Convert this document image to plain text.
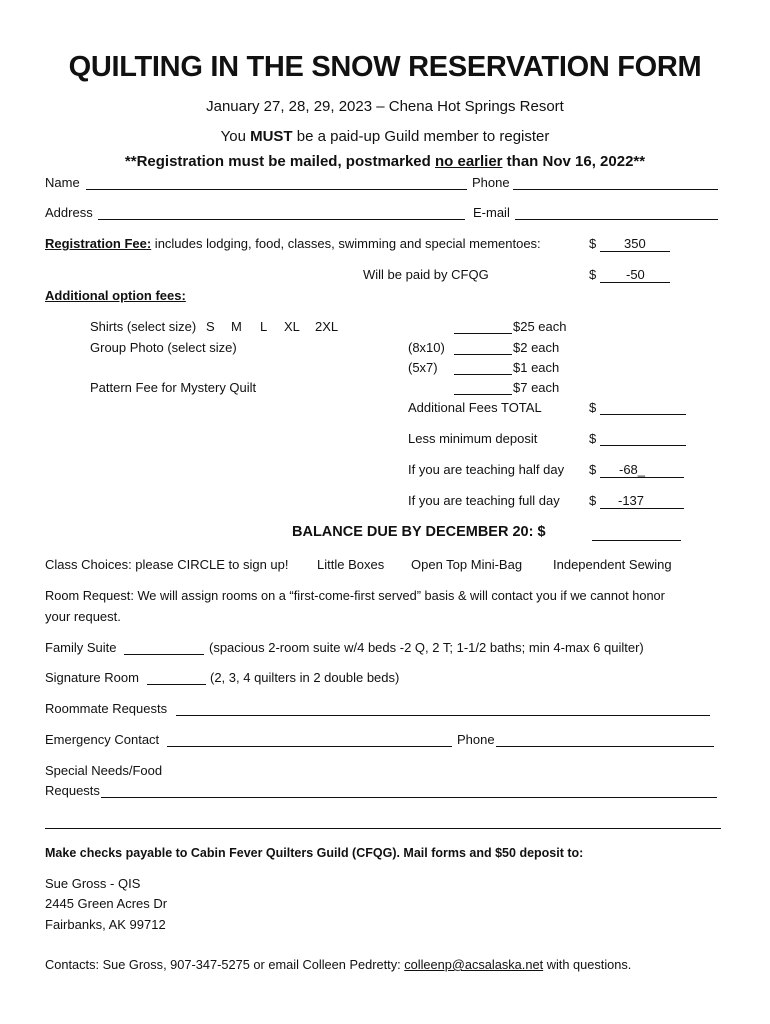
QUILTING IN THE SNOW RESERVATION FORM
January 27, 28, 29, 2023 – Chena Hot Springs Resort
You MUST be a paid-up Guild member to register
**Registration must be mailed, postmarked no earlier than Nov 16, 2022**
Name	Phone
Address	E-mail
Registration Fee: includes lodging, food, classes, swimming and special mementoes:	$ 350
Will be paid by CFQG	$ -50
Additional option fees:
Shirts (select size) S M L XL 2XL	$25 each
Group Photo (select size)	(8x10)	$2 each
(5x7)	$1 each
Pattern Fee for Mystery Quilt	$7 each
Additional Fees TOTAL	$
Less minimum deposit	$
If you are teaching half day $ -68_
If you are teaching full day $ -137
BALANCE DUE BY DECEMBER 20: $
Class Choices: please CIRCLE to sign up! Little Boxes Open Top Mini-Bag Independent Sewing
Room Request: We will assign rooms on a “first-come-first served” basis & will contact you if we cannot honor
your request.
Family Suite	(spacious 2-room suite w/4 beds -2 Q, 2 T; 1-1/2 baths; min 4-max 6 quilter)
Signature Room	(2, 3, 4 quilters in 2 double beds)
Roommate Requests
Emergency Contact	Phone
Special Needs/Food
Requests
Make checks payable to Cabin Fever Quilters Guild (CFQG). Mail forms and $50 deposit to:
Sue Gross - QIS
2445 Green Acres Dr
Fairbanks, AK 99712
Contacts: Sue Gross, 907-347-5275 or email Colleen Pedretty: colleenp@acsalaska.net with questions.
